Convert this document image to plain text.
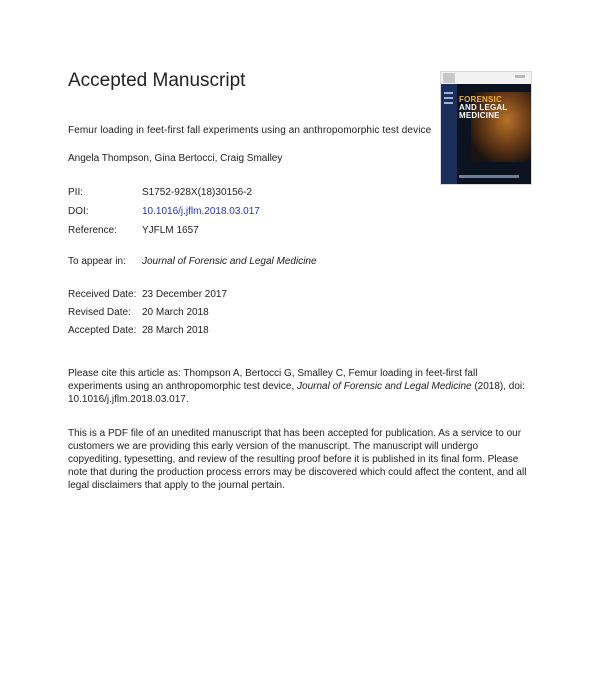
Accepted Manuscript
FORENSIC
AND LEGAL
MEDICINE
Femur loading in feet-first fall experiments using an anthropomorphic test device
Angela Thompson, Gina Bertocci, Craig Smalley
PII:	S1752-928X(18)30156-2
DOI:	10.1016/j.jflm.2018.03.017
Reference:	YJFLM 1657
To appear in:	Journal of Forensic and Legal Medicine
Received Date: 23 December 2017
Revised Date:	20 March 2018
Accepted Date: 28 March 2018
Please cite this article as: Thompson A, Bertocci G, Smalley C, Femur loading in feet-first fall experiments using an anthropomorphic test device, Journal of Forensic and Legal Medicine (2018), doi: 10.1016/j.jflm.2018.03.017.
This is a PDF file of an unedited manuscript that has been accepted for publication. As a service to our customers we are providing this early version of the manuscript. The manuscript will undergo copyediting, typesetting, and review of the resulting proof before it is published in its final form. Please note that during the production process errors may be discovered which could affect the content, and all legal disclaimers that apply to the journal pertain.
